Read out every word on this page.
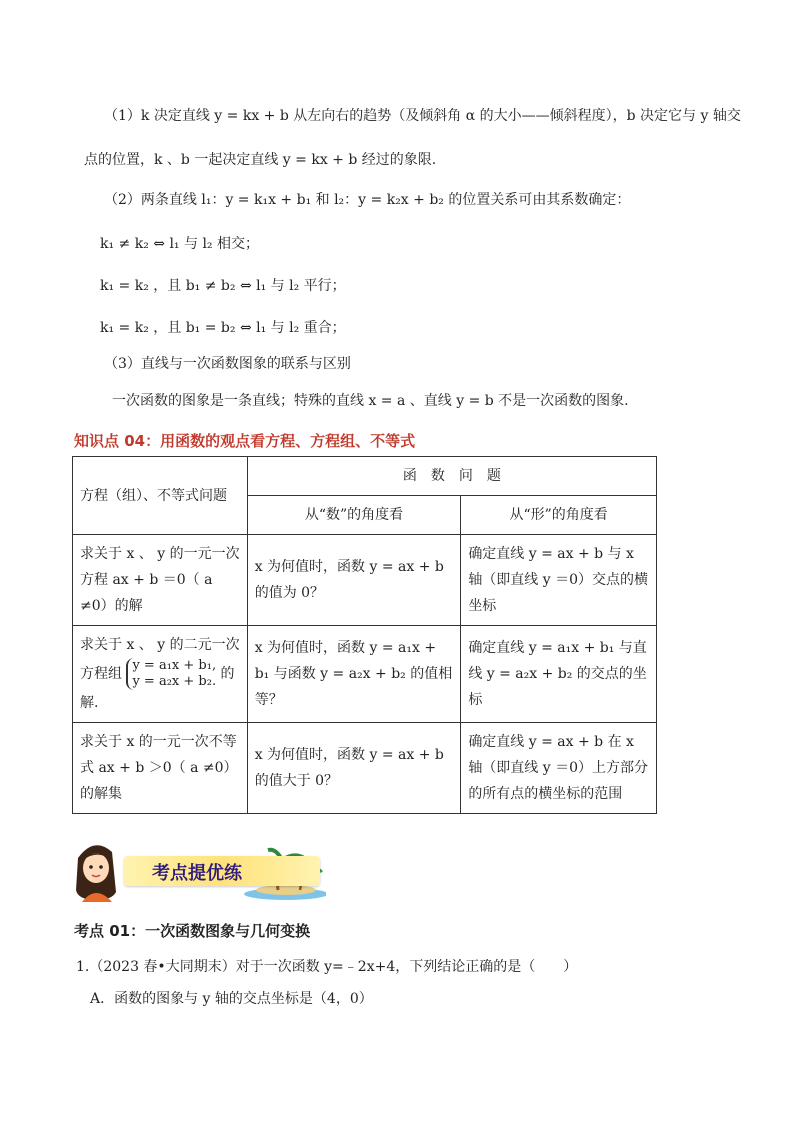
（1）k 决定直线 y = kx + b 从左向右的趋势（及倾斜角 α 的大小——倾斜程度），b 决定它与 y 轴交
点的位置，k 、b 一起决定直线 y = kx + b 经过的象限.
（2）两条直线 l₁：y = k₁x + b₁ 和 l₂：y = k₂x + b₂ 的位置关系可由其系数确定：
k₁ ≠ k₂ ⇔ l₁ 与 l₂ 相交；
k₁ = k₂ ，且 b₁ ≠ b₂ ⇔ l₁ 与 l₂ 平行；
k₁ = k₂ ，且 b₁ = b₂ ⇔ l₁ 与 l₂ 重合；
（3）直线与一次函数图象的联系与区别
一次函数的图象是一条直线；特殊的直线 x = a 、直线 y = b 不是一次函数的图象.
知识点 04：用函数的观点看方程、方程组、不等式
方程（组）、不等式问题	函　数　问　题	
	从“数”的角度看	从“形”的角度看
求关于 x 、 y 的一元一次方程 ax + b ＝0（ a ≠0）的解	x 为何值时，函数 y = ax + b 的值为 0？	确定直线 y = ax + b 与 x 轴（即直线 y ＝0）交点的横坐标
求关于 x 、 y 的二元一次方程组 y = a₁x + b₁,
y = a₂x + b₂. 的解.	x 为何值时，函数 y = a₁x + b₁ 与函数 y = a₂x + b₂ 的值相等？	确定直线 y = a₁x + b₁ 与直线 y = a₂x + b₂ 的交点的坐标
求关于 x 的一元一次不等式 ax + b ＞0（ a ≠0）的解集	x 为何值时，函数 y = ax + b 的值大于 0？	确定直线 y = ax + b 在 x 轴（即直线 y ＝0）上方部分的所有点的横坐标的范围
考点提优练
考点 01：一次函数图象与几何变换
1.（2023 春•大同期末）对于一次函数 y=﹣2x+4，下列结论正确的是（　　）
A．函数的图象与 y 轴的交点坐标是（4，0）
